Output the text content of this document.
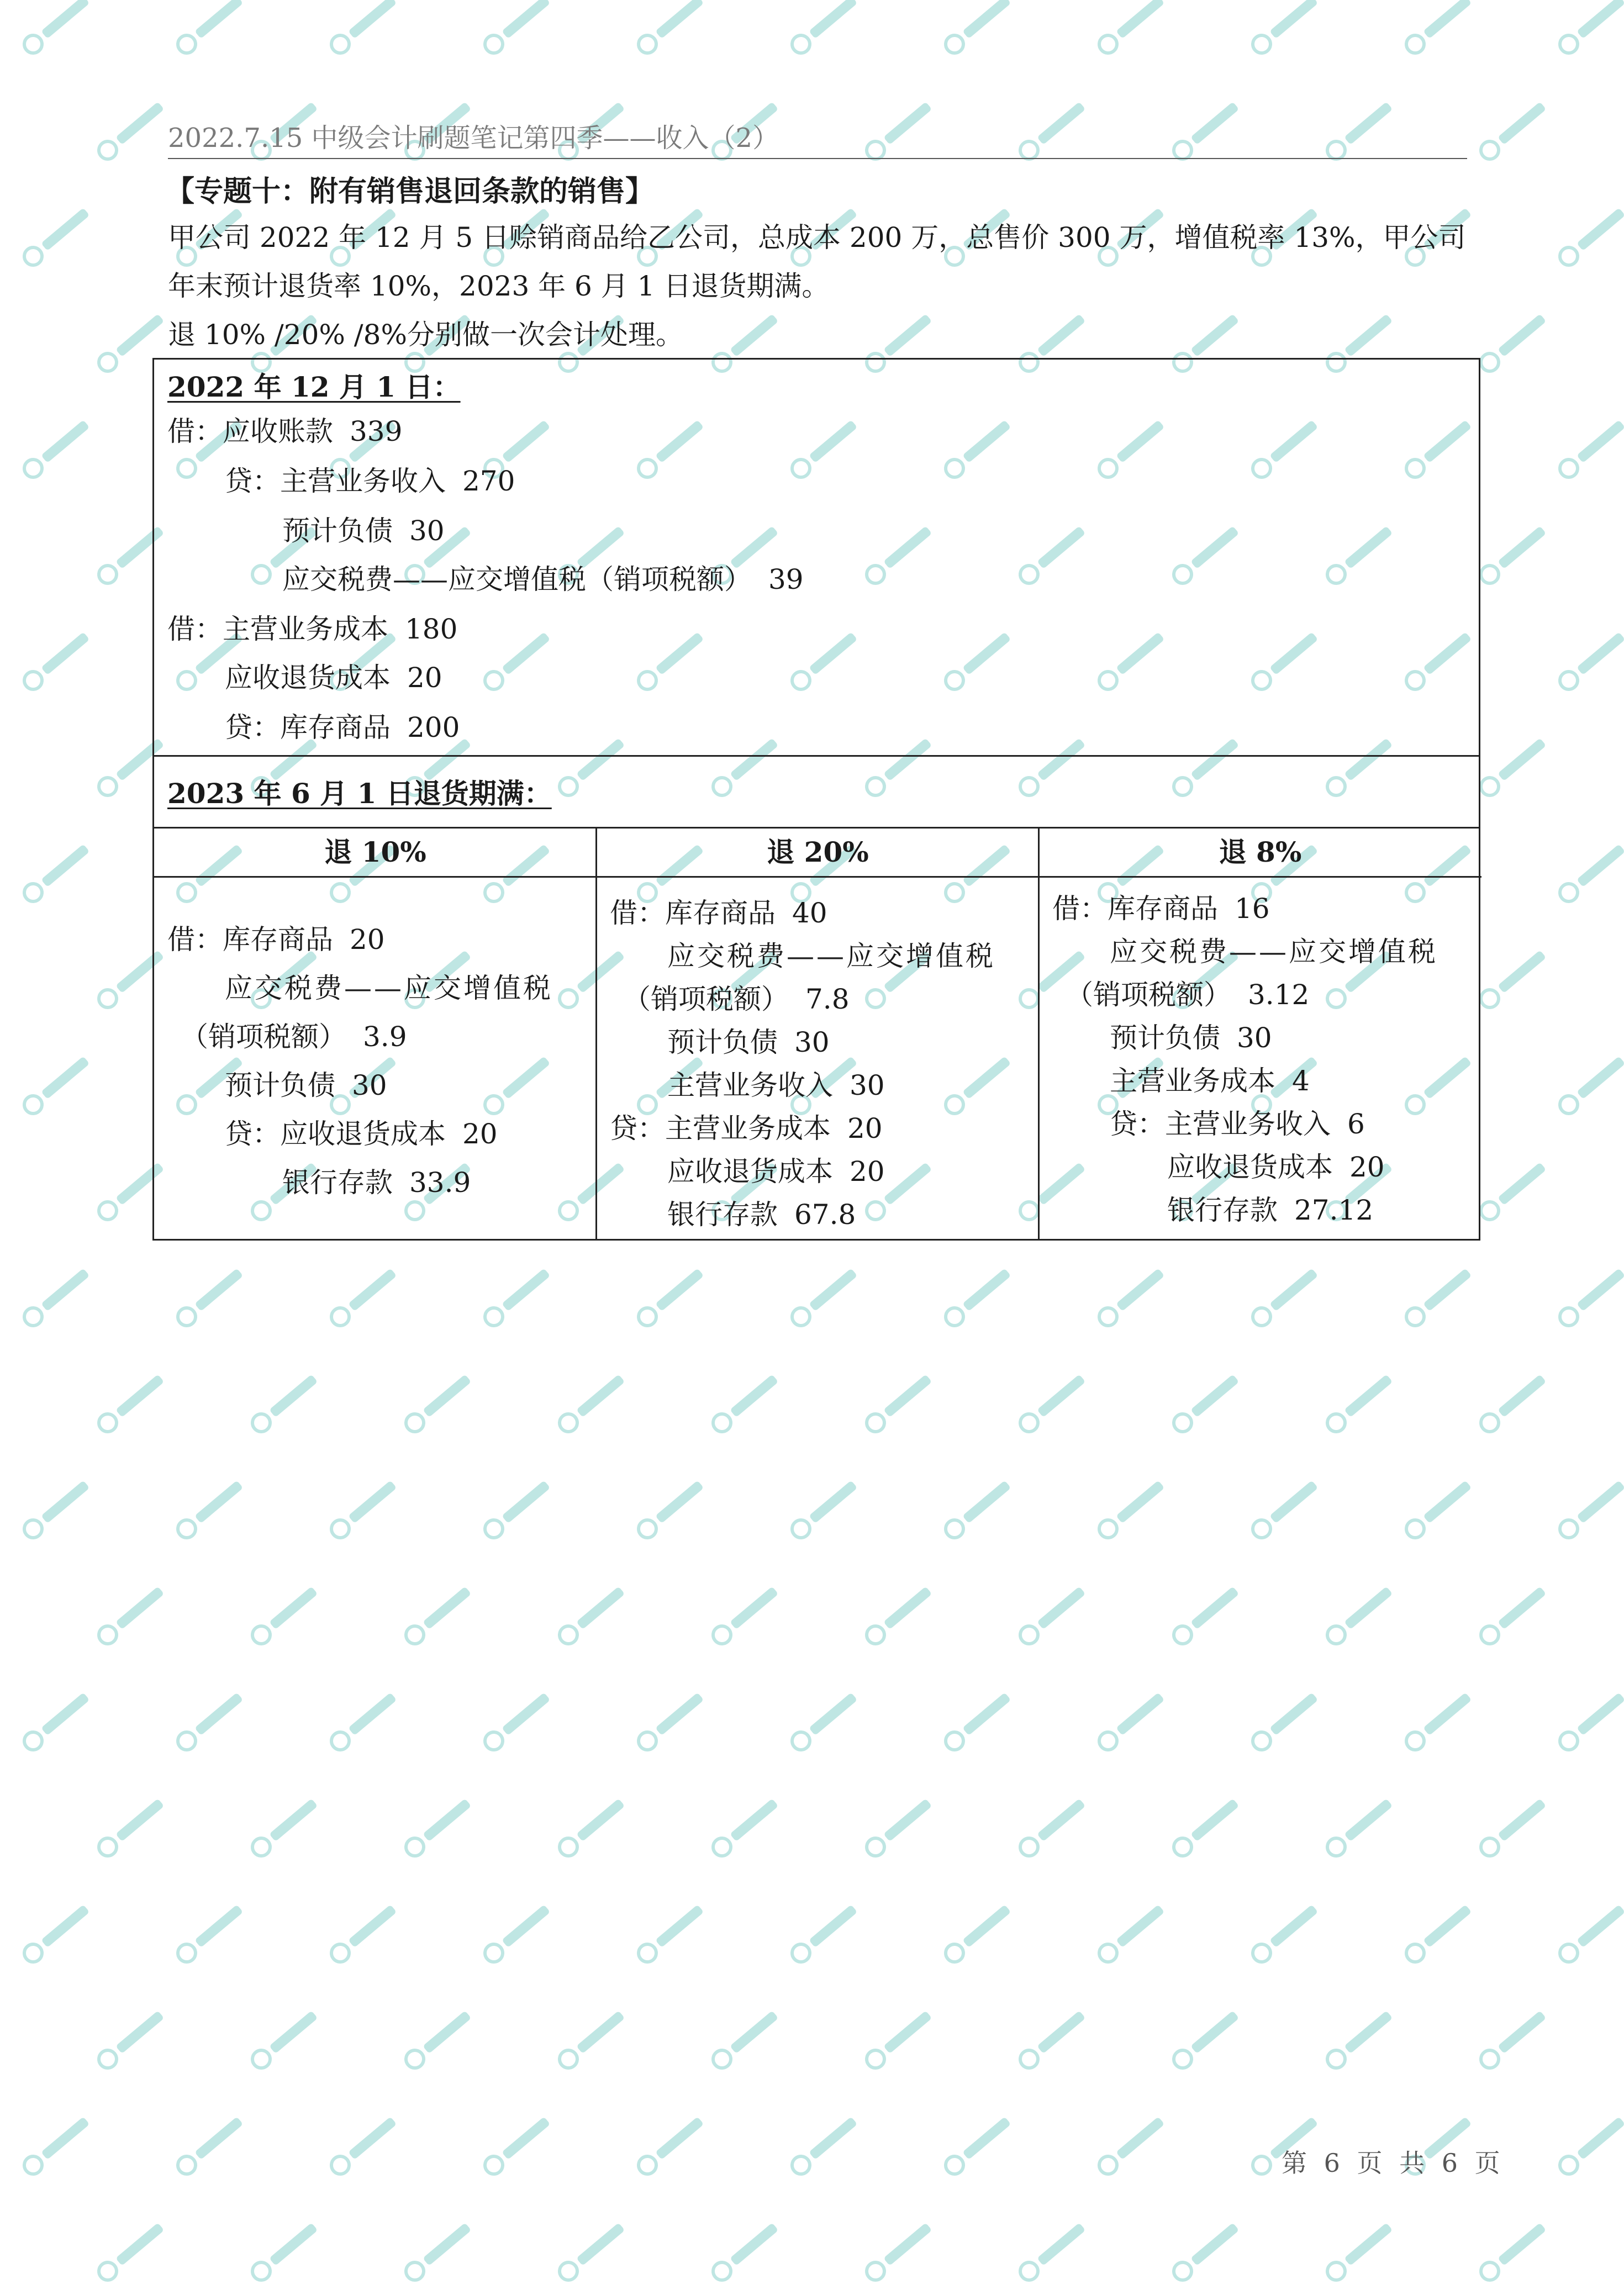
2022.7.15 中级会计刷题笔记第四季——收入（2）
【专题十：附有销售退回条款的销售】

甲公司 2022 年 12 月 5 日赊销商品给乙公司，总成本 200 万，总售价 300 万，增值税率 13%，甲公司年末预计退货率 10%，2023 年 6 月 1 日退货期满。

退 10% /20% /8%分别做一次会计处理。

2022 年 12 月 1 日：
借：应收账款 339
贷：主营业务收入 270
预计负债 30
应交税费——应交增值税（销项税额） 39
借：主营业务成本 180
应收退货成本 20
贷：库存商品 200
2023 年 6 月 1 日退货期满：
退 10%	退 20%	退 8%
借：库存商品 20
应交税费——应交增值税
（销项税额） 3.9
预计负债 30
贷：应收退货成本 20
银行存款 33.9
借：库存商品 40
应交税费——应交增值税
（销项税额） 7.8
预计负债 30
主营业务收入 30
贷：主营业务成本 20
应收退货成本 20
银行存款 67.8
借：库存商品 16
应交税费——应交增值税
（销项税额） 3.12
预计负债 30
主营业务成本 4
贷：主营业务收入 6
应收退货成本 20
银行存款 27.12
第 6 页 共 6 页
